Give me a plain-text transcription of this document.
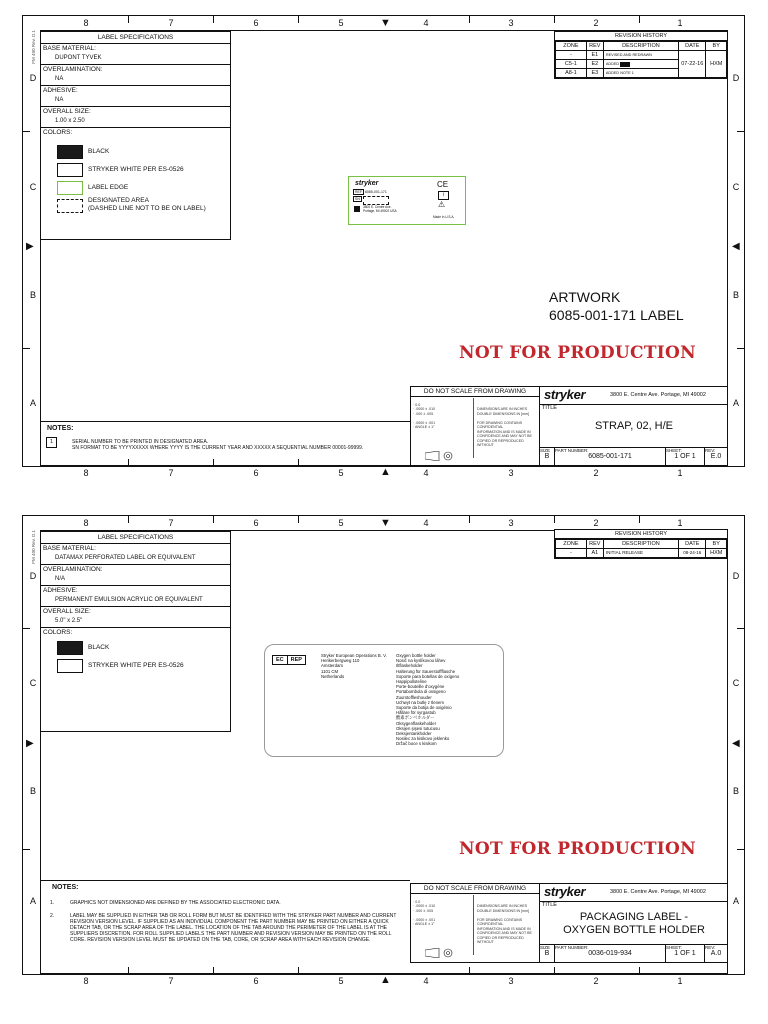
8	7	6	5	4	3	2	1
8	7	6	5	4	3	2	1
▼
▲
▶	◀
D
C
B
A
D
C
B
A
FM 400 Rev. D.1	LABEL SPECIFICATIONS
BASE MATERIAL:
DUPONT TYVEK
OVERLAMINATION:
NA
ADHESIVE:
NA
OVERALL SIZE:
1.00 x 2.50
COLORS:
BLACK
STRYKER WHITE PER ES-0526
LABEL EDGE
DESIGNATED AREA
(DASHED LINE NOT TO BE ON LABEL)
REVISION HISTORY
ZONE	REV	DESCRIPTION	DATE	BY
-	E1	REVISED AND REDRAWN	07-22-16	HXM
C5-1	E2	ADDED		
A8-1	E3	ADDED NOTE 1		
stryker
REF 6085-001-171
SN
3800 E. Centre Ave.
Portage, MI 49002 USA
CE
i
⚠
Made in U.S.A.
ARTWORK
6085-001-171 LABEL
NOT FOR PRODUCTION
NOTES:
1	SERIAL NUMBER TO BE PRINTED IN DESIGNATED AREA.
SN FORMAT TO BE YYYYXXXXX WHERE YYYY IS THE CURRENT YEAR AND XXXXX A SEQUENTIAL NUMBER 00001-99999.
DO NOT SCALE FROM DRAWING

· 0.0
· .0000 ± .010
· .000 ± .005

· .0000 ± .001
· ANGLE ± 1°

DIMENSIONS ARE IN INCHES
DOUBLE DIMENSIONS IN [mm]

FOR DRAWING CONTAINS CONFIDENTIAL
INFORMATION AND IS MADE IN
CONFIDENCE AND MAY NOT BE
COPIED OR REPRODUCED WITHOUT
stryker	3800 E. Centre Ave. Portage, MI 49002
TITLE
STRAP, 02, H/E
SIZE
B
PART NUMBER:
6085-001-171
SHEET:
1 OF 1
REV:
E.0
8	7	6	5	4	3	2	1
8	7	6	5	4	3	2	1
▼
▲
▶	◀
D
C
B
A
D
C
B
A
FM 400 Rev. D.1	LABEL SPECIFICATIONS
BASE MATERIAL:
DATAMAX PERFORATED LABEL OR EQUIVALENT
OVERLAMINATION:
N/A
ADHESIVE:
PERMANENT EMULSION ACRYLIC OR EQUIVALENT
OVERALL SIZE:
5.0" x 2.5"
COLORS:
BLACK
STRYKER WHITE PER ES-0526
REVISION HISTORY
ZONE	REV	DESCRIPTION	DATE	BY
-	A1	INITIAL RELEASE	08-24-16	HXM
EC	REP
Stryker European Operations B. V.
Herikerbergweg 110
Amsterdam
1101 CM
Netherlands
Oxygen bottle holder
Nosič na kyslíkovou láhev
Iltflaskeholder
Halterung für Sauerstoffflasche
Soporte para botellas de oxígeno
Happipulloteline
Porte-bouteille d'oxygène
Portabombola di ossigeno
Zuurstoffleshouder
Uchwyt na butlę z tlenem
Suporte da botija de oxigénio
Hållare för syrgastub
酸素ボンベホルダー
Oksygenflaskeholder
Oksijen şişesi tutucusu
Deksjentankholder
Nosilec za kisikovo jeklenko
Držač boce s kisikom
NOT FOR PRODUCTION
NOTES:
1.	GRAPHICS NOT DIMENSIONED ARE DEFINED BY THE ASSOCIATED ELECTRONIC DATA.
2.	LABEL MAY BE SUPPLIED IN EITHER TAB OR ROLL FORM BUT MUST BE IDENTIFIED WITH THE STRYKER PART NUMBER AND CURRENT REVISION VERSION LEVEL. IF SUPPLIED AS AN INDIVIDUAL COMPONENT THE PART NUMBER MAY BE PRINTED ON EITHER A QUICK DETACH TAB, OR THE SCRAP AREA OF THE LABEL. THE LOCATION OF THE TAB AROUND THE PERIMETER OF THE LABEL IS AT THE SUPPLIERS DISCRETION. FOR ROLL SUPPLIED LABELS THE PART NUMBER AND REVISION VERSION MAY BE PRINTED ON THE ROLL CORE. REVISION VERSION LEVEL MUST BE UPDATED ON THE TAB, CORE, OR SCRAP AREA WITH EACH REVISION CHANGE.
DO NOT SCALE FROM DRAWING

· 0.0
· .0000 ± .010
· .000 ± .005

· .0000 ± .001
· ANGLE ± 1°

DIMENSIONS ARE IN INCHES
DOUBLE DIMENSIONS IN [mm]

FOR DRAWING CONTAINS CONFIDENTIAL
INFORMATION AND IS MADE IN
CONFIDENCE AND MAY NOT BE
COPIED OR REPRODUCED WITHOUT
stryker	3800 E. Centre Ave. Portage, MI 49002
TITLE
PACKAGING LABEL -
OXYGEN BOTTLE HOLDER
SIZE
B
PART NUMBER:
0036-019-934
SHEET:
1 OF 1
REV:
A.0
